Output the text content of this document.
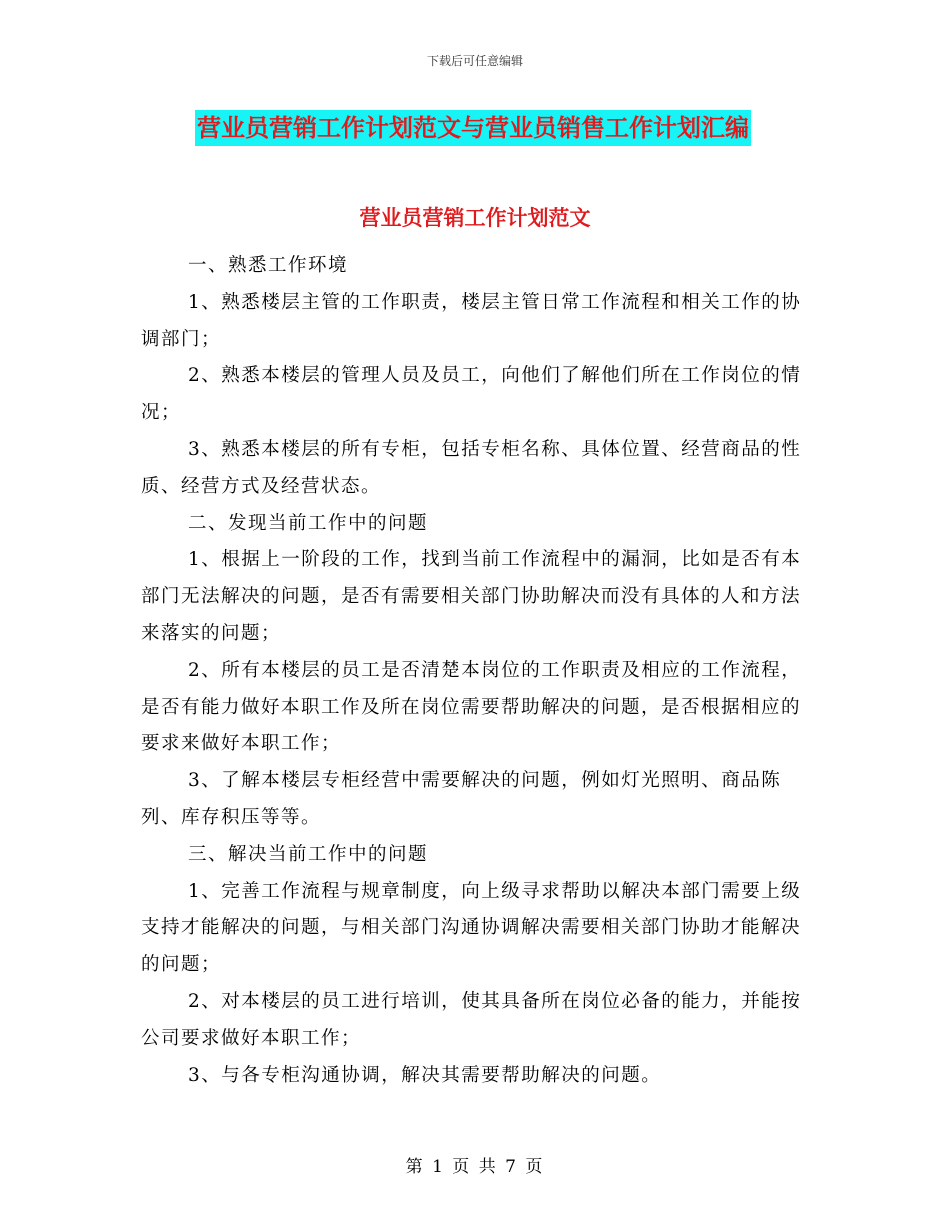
下载后可任意编辑
营业员营销工作计划范文与营业员销售工作计划汇编
营业员营销工作计划范文

一、熟悉工作环境

1、熟悉楼层主管的工作职责，楼层主管日常工作流程和相关工作的协调部门；

2、熟悉本楼层的管理人员及员工，向他们了解他们所在工作岗位的情况；

3、熟悉本楼层的所有专柜，包括专柜名称、具体位置、经营商品的性质、经营方式及经营状态。

二、发现当前工作中的问题

1、根据上一阶段的工作，找到当前工作流程中的漏洞，比如是否有本部门无法解决的问题，是否有需要相关部门协助解决而没有具体的人和方法来落实的问题；

2、所有本楼层的员工是否清楚本岗位的工作职责及相应的工作流程，是否有能力做好本职工作及所在岗位需要帮助解决的问题，是否根据相应的要求来做好本职工作；

3、了解本楼层专柜经营中需要解决的问题，例如灯光照明、商品陈列、库存积压等等。

三、解决当前工作中的问题

1、完善工作流程与规章制度，向上级寻求帮助以解决本部门需要上级支持才能解决的问题，与相关部门沟通协调解决需要相关部门协助才能解决的问题；

2、对本楼层的员工进行培训，使其具备所在岗位必备的能力，并能按公司要求做好本职工作；

3、与各专柜沟通协调，解决其需要帮助解决的问题。

第 1 页 共 7 页
